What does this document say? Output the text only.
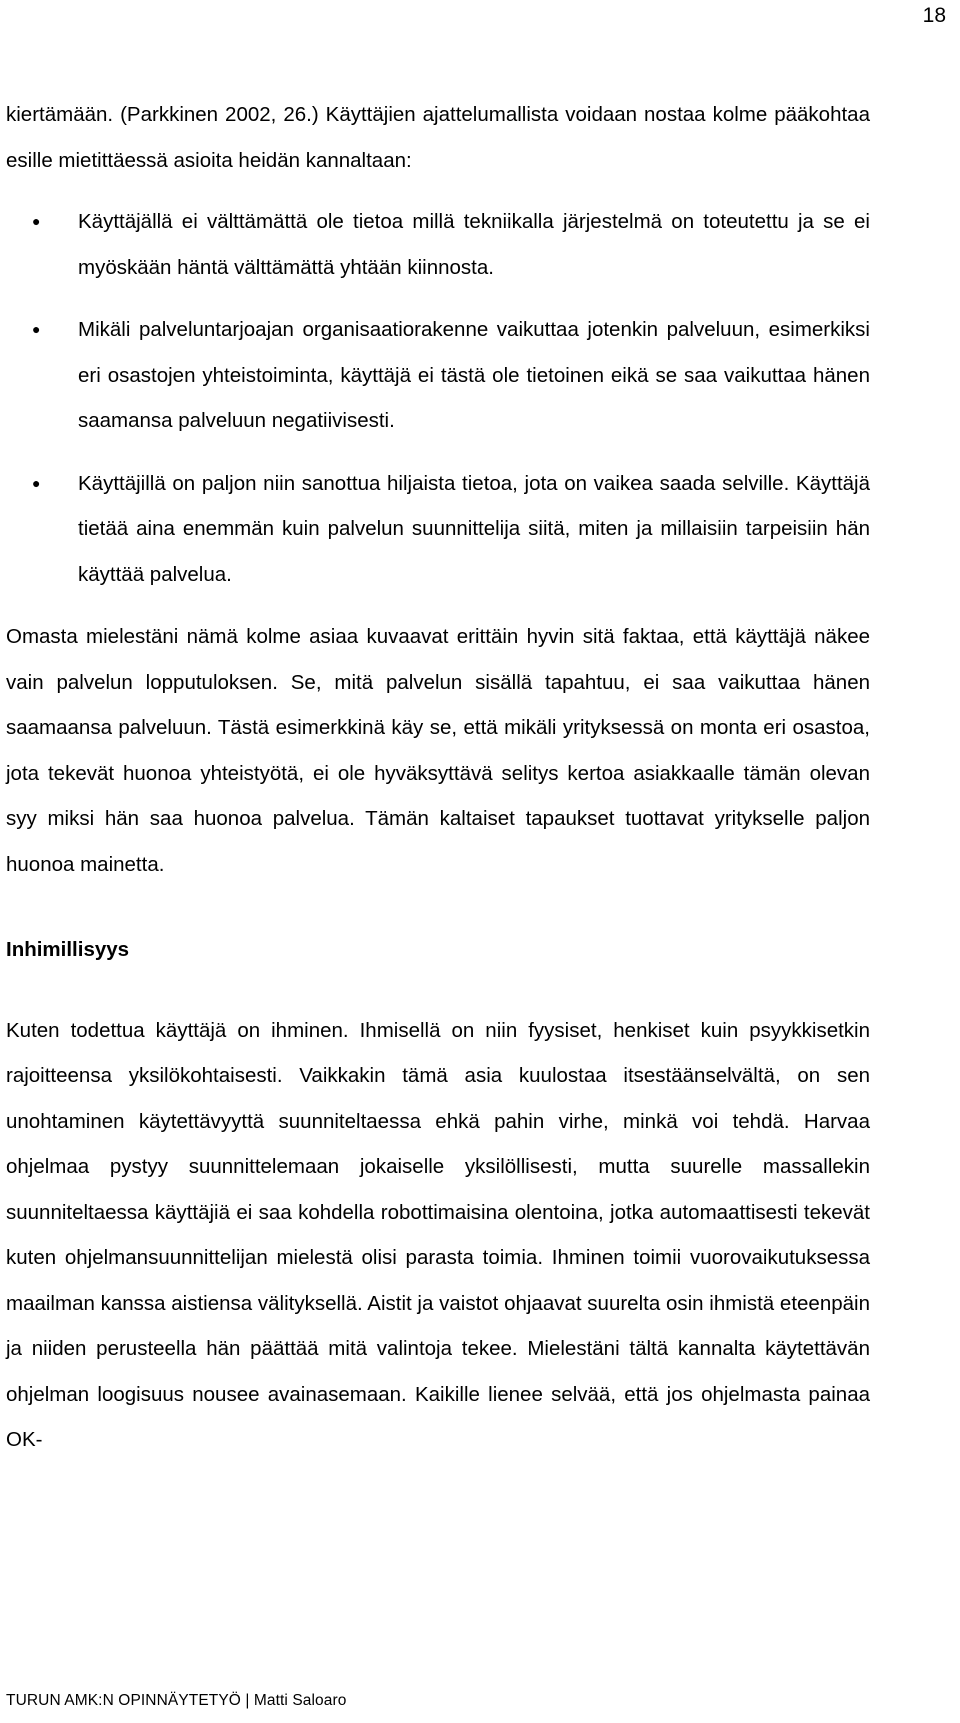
18

kiertämään. (Parkkinen 2002, 26.) Käyttäjien ajattelumallista voidaan nostaa kolme pääkohtaa esille mietittäessä asioita heidän kannaltaan:

● Käyttäjällä ei välttämättä ole tietoa millä tekniikalla järjestelmä on toteutettu ja se ei myöskään häntä välttämättä yhtään kiinnosta.
● Mikäli palveluntarjoajan organisaatiorakenne vaikuttaa jotenkin palveluun, esimerkiksi eri osastojen yhteistoiminta, käyttäjä ei tästä ole tietoinen eikä se saa vaikuttaa hänen saamansa palveluun negatiivisesti.
● Käyttäjillä on paljon niin sanottua hiljaista tietoa, jota on vaikea saada selville. Käyttäjä tietää aina enemmän kuin palvelun suunnittelija siitä, miten ja millaisiin tarpeisiin hän käyttää palvelua.

Omasta mielestäni nämä kolme asiaa kuvaavat erittäin hyvin sitä faktaa, että käyttäjä näkee vain palvelun lopputuloksen. Se, mitä palvelun sisällä tapahtuu, ei saa vaikuttaa hänen saamaansa palveluun. Tästä esimerkkinä käy se, että mikäli yrityksessä on monta eri osastoa, jota tekevät huonoa yhteistyötä, ei ole hyväksyttävä selitys kertoa asiakkaalle tämän olevan syy miksi hän saa huonoa palvelua. Tämän kaltaiset tapaukset tuottavat yritykselle paljon huonoa mainetta.

Inhimillisyys

Kuten todettua käyttäjä on ihminen. Ihmisellä on niin fyysiset, henkiset kuin psyykkisetkin rajoitteensa yksilökohtaisesti. Vaikkakin tämä asia kuulostaa itsestäänselvältä, on sen unohtaminen käytettävyyttä suunniteltaessa ehkä pahin virhe, minkä voi tehdä. Harvaa ohjelmaa pystyy suunnittelemaan jokaiselle yksilöllisesti, mutta suurelle massallekin suunniteltaessa käyttäjiä ei saa kohdella robottimaisina olentoina, jotka automaattisesti tekevät kuten ohjelmansuunnittelijan mielestä olisi parasta toimia. Ihminen toimii vuorovaikutuksessa maailman kanssa aistiensa välityksellä. Aistit ja vaistot ohjaavat suurelta osin ihmistä eteenpäin ja niiden perusteella hän päättää mitä valintoja tekee. Mielestäni tältä kannalta käytettävän ohjelman loogisuus nousee avainasemaan. Kaikille lienee selvää, että jos ohjelmasta painaa OK-

TURUN AMK:N OPINNÄYTETYÖ | Matti Saloaro
